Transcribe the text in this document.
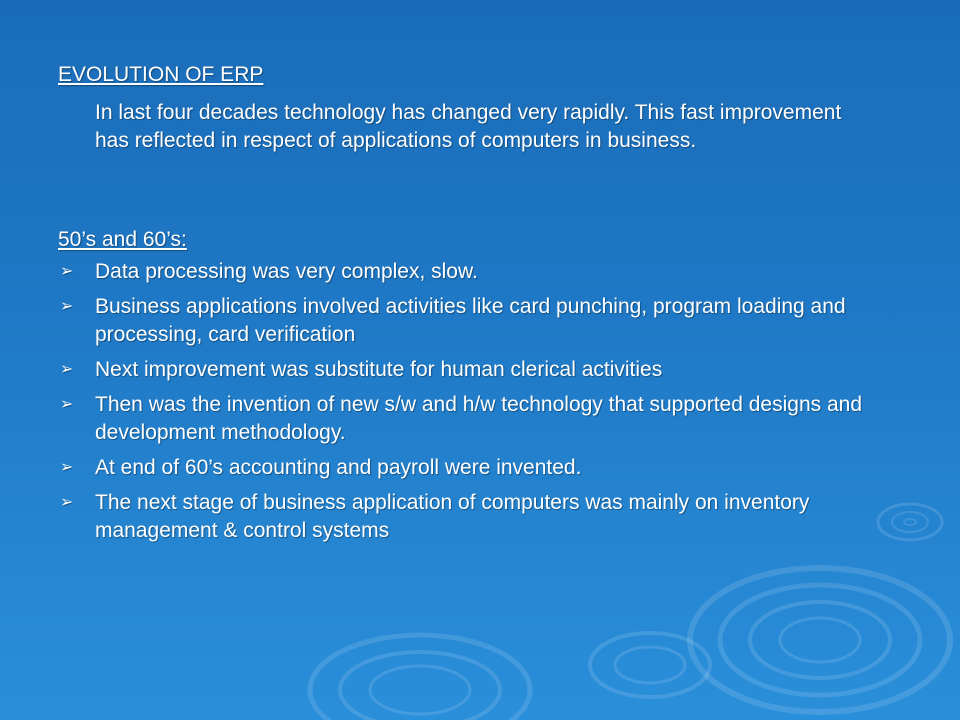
EVOLUTION OF ERP
In last four decades technology has changed very rapidly. This fast improvement has reflected in respect of applications of computers in business.
50’s and 60’s:
➢ Data processing was very complex, slow.
➢ Business applications involved activities like card punching, program loading and processing, card verification
➢ Next improvement was substitute for human clerical activities
➢ Then was the invention of new s/w and h/w technology that supported designs and development methodology.
➢ At end of 60’s accounting and payroll were invented.
➢ The next stage of business application of computers was mainly on inventory management & control systems
